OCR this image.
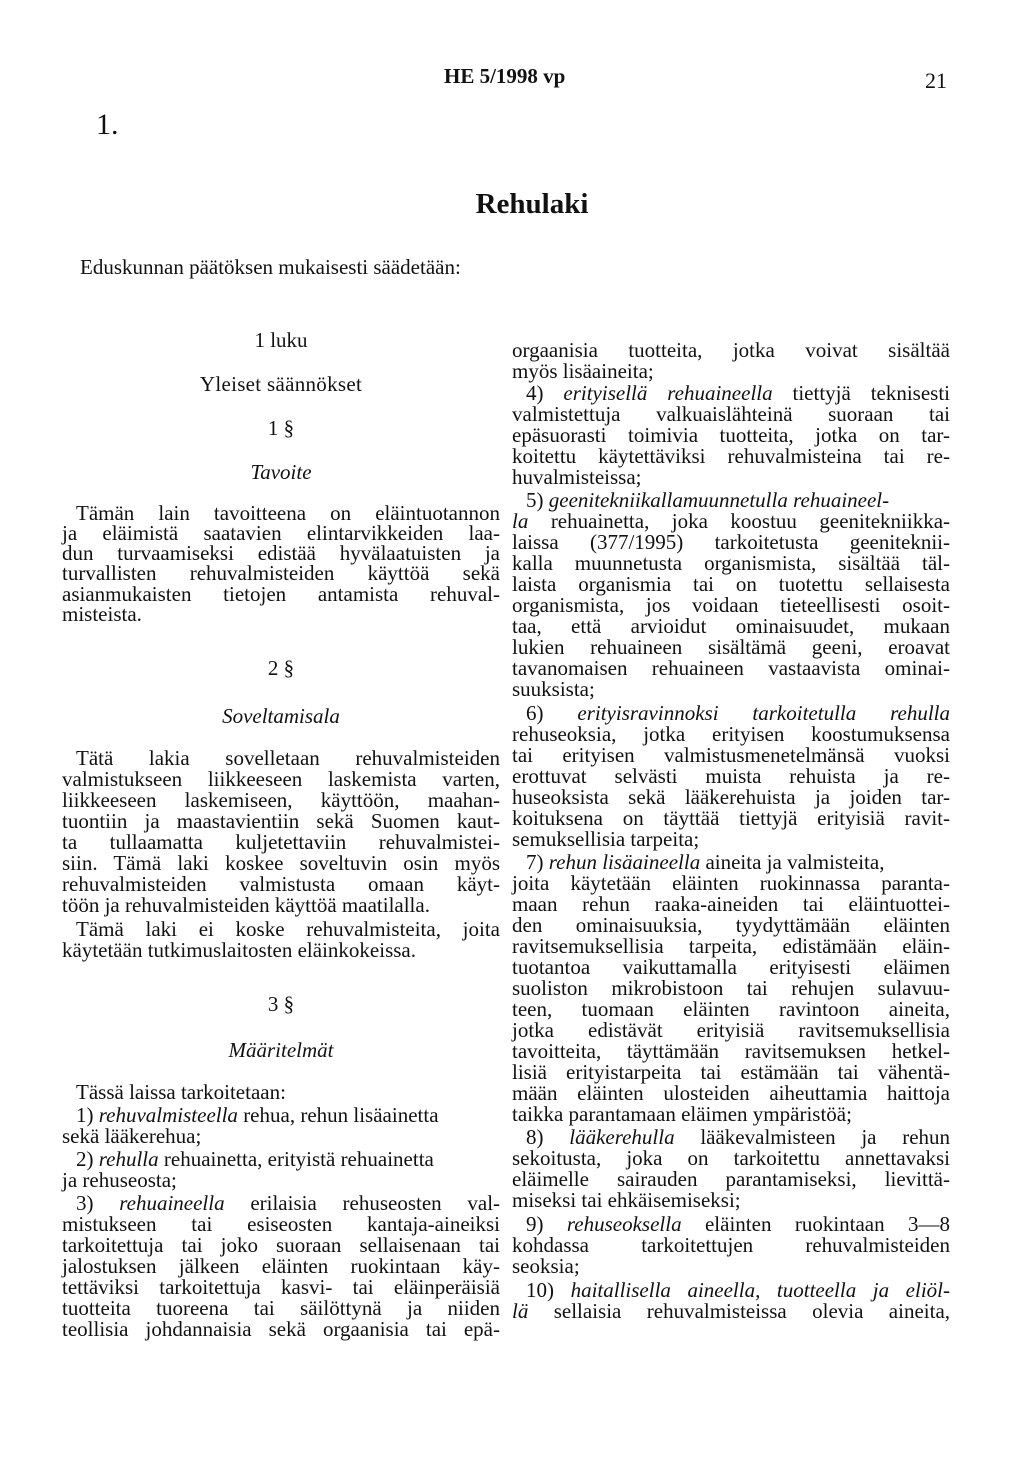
1.
HE 5/1998 vp	21
Rehulaki
Eduskunnan päätöksen mukaisesti säädetään:
1 luku
Yleiset säännökset
1 §
Tavoite
Tämän lain tavoitteena on eläintuotannon
ja eläimistä saatavien elintarvikkeiden laa-
dun turvaamiseksi edistää hyvälaatuisten ja
turvallisten rehuvalmisteiden käyttöä sekä
asianmukaisten tietojen antamista rehuval-
misteista.
2 §
Soveltamisala
Tätä lakia sovelletaan rehuvalmisteiden
valmistukseen liikkeeseen laskemista varten,
liikkeeseen laskemiseen, käyttöön, maahan-
tuontiin ja maastavientiin sekä Suomen kaut-
ta tullaamatta kuljetettaviin rehuvalmistei-
siin. Tämä laki koskee soveltuvin osin myös
rehuvalmisteiden valmistusta omaan käyt-
töön ja rehuvalmisteiden käyttöä maatilalla.
Tämä laki ei koske rehuvalmisteita, joita
käytetään tutkimuslaitosten eläinkokeissa.
3 §
Määritelmät
Tässä laissa tarkoitetaan:
1) rehuvalmisteella rehua, rehun lisäainetta
sekä lääkerehua;
2) rehulla rehuainetta, erityistä rehuainetta
ja rehuseosta;
3) rehuaineella erilaisia rehuseosten val-
mistukseen tai esiseosten kantaja-aineiksi
tarkoitettuja tai joko suoraan sellaisenaan tai
jalostuksen jälkeen eläinten ruokintaan käy-
tettäviksi tarkoitettuja kasvi- tai eläinperäisiä
tuotteita tuoreena tai säilöttynä ja niiden
teollisia johdannaisia sekä orgaanisia tai epä-
orgaanisia tuotteita, jotka voivat sisältää
myös lisäaineita;
4) erityisellä rehuaineella tiettyjä teknisesti
valmistettuja valkuaislähteinä suoraan tai
epäsuorasti toimivia tuotteita, jotka on tar-
koitettu käytettäviksi rehuvalmisteina tai re-
huvalmisteissa;
5) geenitekniikallamuunnetulla rehuaineel-
la rehuainetta, joka koostuu geenitekniikka-
laissa (377/1995) tarkoitetusta geeniteknii-
kalla muunnetusta organismista, sisältää täl-
laista organismia tai on tuotettu sellaisesta
organismista, jos voidaan tieteellisesti osoit-
taa, että arvioidut ominaisuudet, mukaan
lukien rehuaineen sisältämä geeni, eroavat
tavanomaisen rehuaineen vastaavista ominai-
suuksista;
6) erityisravinnoksi tarkoitetulla rehulla
rehuseoksia, jotka erityisen koostumuksensa
tai erityisen valmistusmenetelmänsä vuoksi
erottuvat selvästi muista rehuista ja re-
huseoksista sekä lääkerehuista ja joiden tar-
koituksena on täyttää tiettyjä erityisiä ravit-
semuksellisia tarpeita;
7) rehun lisäaineella aineita ja valmisteita,
joita käytetään eläinten ruokinnassa paranta-
maan rehun raaka-aineiden tai eläintuottei-
den ominaisuuksia, tyydyttämään eläinten
ravitsemuksellisia tarpeita, edistämään eläin-
tuotantoa vaikuttamalla erityisesti eläimen
suoliston mikrobistoon tai rehujen sulavuu-
teen, tuomaan eläinten ravintoon aineita,
jotka edistävät erityisiä ravitsemuksellisia
tavoitteita, täyttämään ravitsemuksen hetkel-
lisiä erityistarpeita tai estämään tai vähentä-
mään eläinten ulosteiden aiheuttamia haittoja
taikka parantamaan eläimen ympäristöä;
8) lääkerehulla lääkevalmisteen ja rehun
sekoitusta, joka on tarkoitettu annettavaksi
eläimelle sairauden parantamiseksi, lievittä-
miseksi tai ehkäisemiseksi;
9) rehuseoksella eläinten ruokintaan 3—8
kohdassa tarkoitettujen rehuvalmisteiden
seoksia;
10) haitallisella aineella, tuotteella ja eliöl-
lä sellaisia rehuvalmisteissa olevia aineita,
